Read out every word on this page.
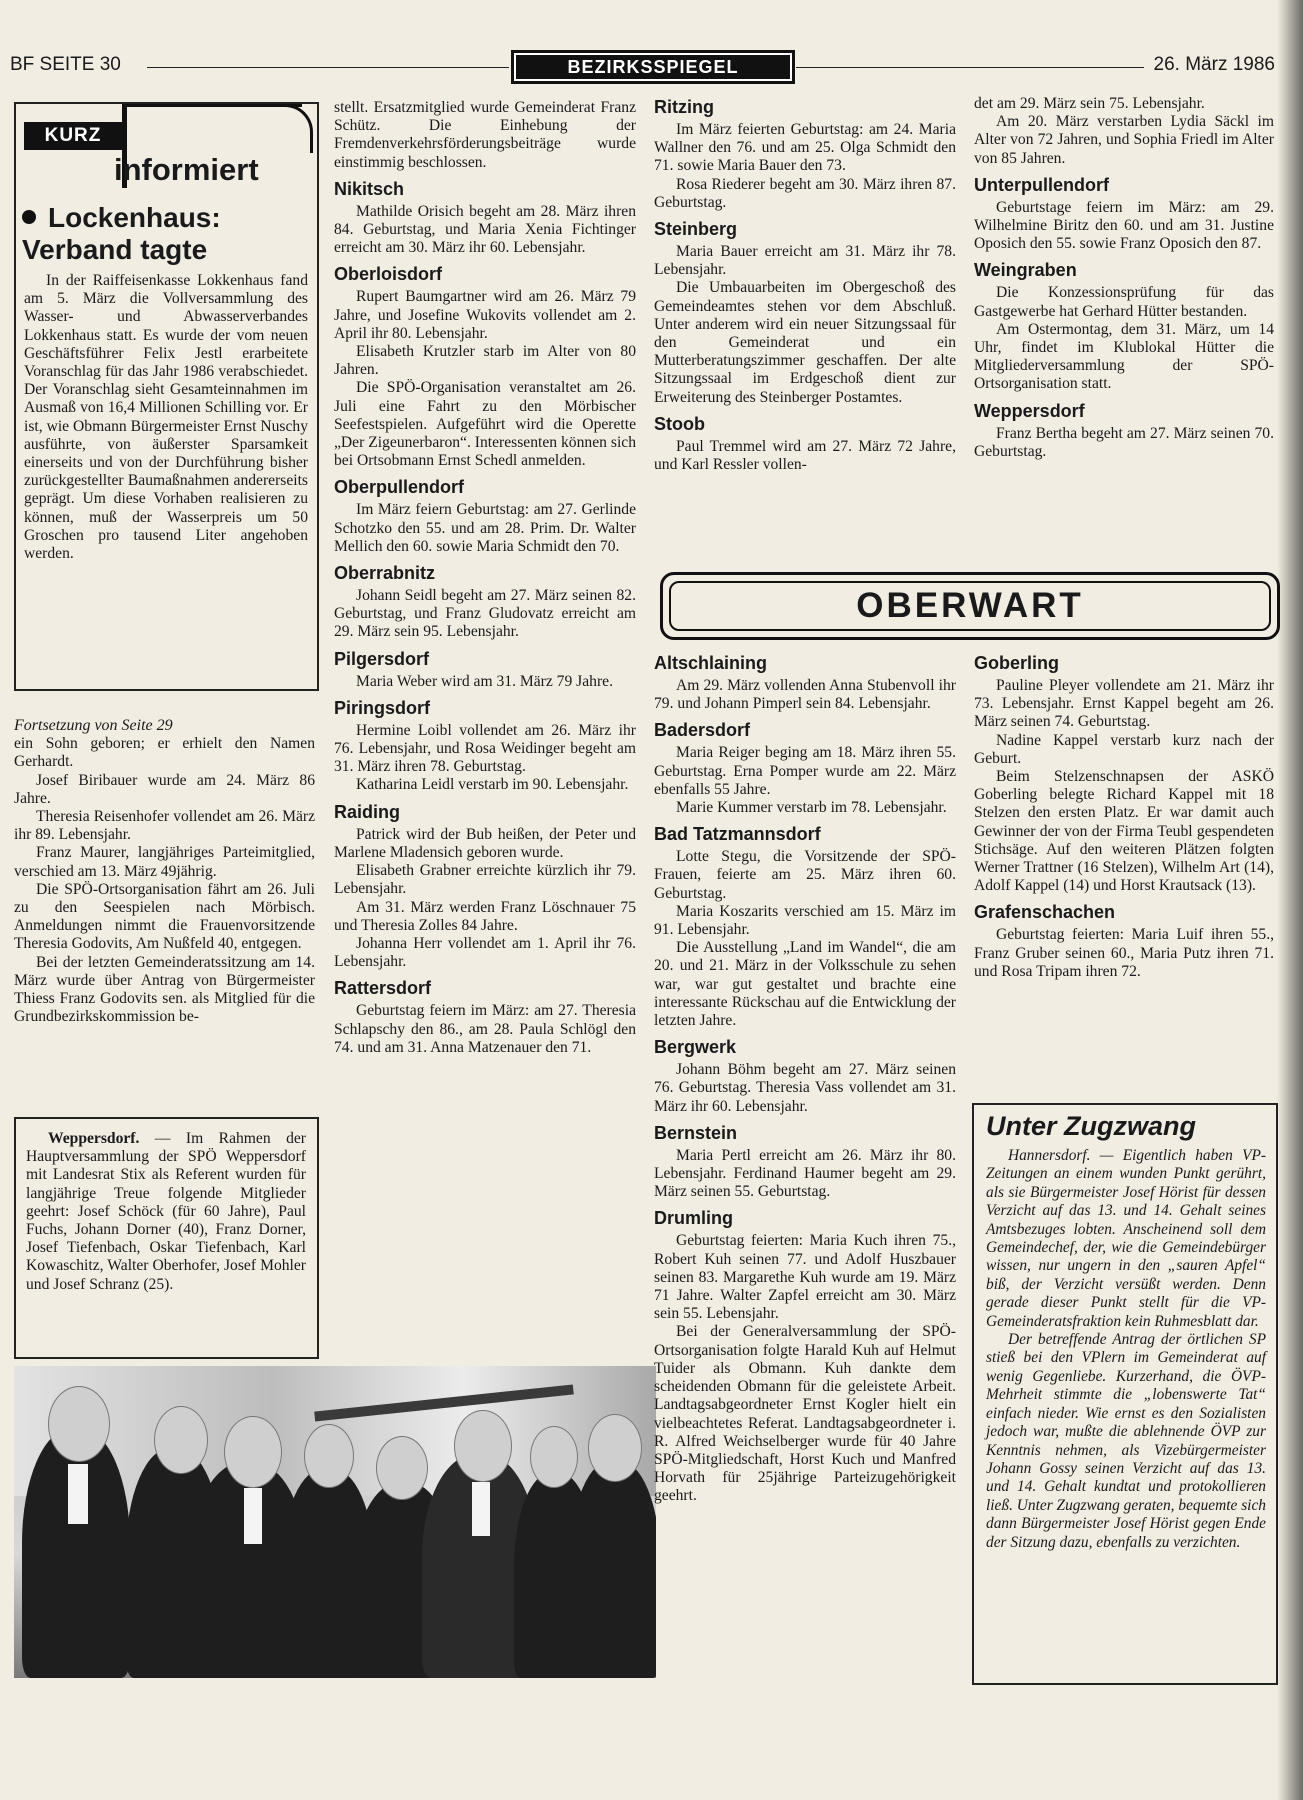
BF SEITE 30	BEZIRKSSPIEGEL	26. März 1986
KURZ
informiert
Lockenhaus: Verband tagte

In der Raiffeisenkasse Lokkenhaus fand am 5. März die Vollversammlung des Wasser- und Abwasserverbandes Lokkenhaus statt. Es wurde der vom neuen Geschäftsführer Felix Jestl erarbeitete Voranschlag für das Jahr 1986 verabschiedet. Der Voranschlag sieht Gesamteinnahmen im Ausmaß von 16,4 Millionen Schilling vor. Er ist, wie Obmann Bürgermeister Ernst Nuschy ausführte, von äußerster Sparsamkeit einerseits und von der Durchführung bisher zurückgestellter Baumaßnahmen andererseits geprägt. Um diese Vorhaben realisieren zu können, muß der Wasserpreis um 50 Groschen pro tausend Liter angehoben werden.

Fortsetzung von Seite 29

ein Sohn geboren; er erhielt den Namen Gerhardt.

Josef Biribauer wurde am 24. März 86 Jahre.

Theresia Reisenhofer vollendet am 26. März ihr 89. Lebensjahr.

Franz Maurer, langjähriges Parteimitglied, verschied am 13. März 49jährig.

Die SPÖ-Ortsorganisation fährt am 26. Juli zu den Seespielen nach Mörbisch. Anmeldungen nimmt die Frauenvorsitzende Theresia Godovits, Am Nußfeld 40, entgegen.

Bei der letzten Gemeinderatssitzung am 14. März wurde über Antrag von Bürgermeister Thiess Franz Godovits sen. als Mitglied für die Grundbezirkskommission be-

Weppersdorf. — Im Rahmen der Hauptversammlung der SPÖ Weppersdorf mit Landesrat Stix als Referent wurden für langjährige Treue folgende Mitglieder geehrt: Josef Schöck (für 60 Jahre), Paul Fuchs, Johann Dorner (40), Franz Dorner, Josef Tiefenbach, Oskar Tiefenbach, Karl Kowaschitz, Walter Oberhofer, Josef Mohler und Josef Schranz (25).

stellt. Ersatzmitglied wurde Gemeinderat Franz Schütz. Die Einhebung der Fremdenverkehrsförderungsbeiträge wurde einstimmig beschlossen.

Nikitsch

Mathilde Orisich begeht am 28. März ihren 84. Geburtstag, und Maria Xenia Fichtinger erreicht am 30. März ihr 60. Lebensjahr.

Oberloisdorf

Rupert Baumgartner wird am 26. März 79 Jahre, und Josefine Wukovits vollendet am 2. April ihr 80. Lebensjahr.

Elisabeth Krutzler starb im Alter von 80 Jahren.

Die SPÖ-Organisation veranstaltet am 26. Juli eine Fahrt zu den Mörbischer Seefestspielen. Aufgeführt wird die Operette „Der Zigeunerbaron“. Interessenten können sich bei Ortsobmann Ernst Schedl anmelden.

Oberpullendorf

Im März feiern Geburtstag: am 27. Gerlinde Schotzko den 55. und am 28. Prim. Dr. Walter Mellich den 60. sowie Maria Schmidt den 70.

Oberrabnitz

Johann Seidl begeht am 27. März seinen 82. Geburtstag, und Franz Gludovatz erreicht am 29. März sein 95. Lebensjahr.

Pilgersdorf

Maria Weber wird am 31. März 79 Jahre.

Piringsdorf

Hermine Loibl vollendet am 26. März ihr 76. Lebensjahr, und Rosa Weidinger begeht am 31. März ihren 78. Geburtstag.

Katharina Leidl verstarb im 90. Lebensjahr.

Raiding

Patrick wird der Bub heißen, der Peter und Marlene Mladensich geboren wurde.

Elisabeth Grabner erreichte kürzlich ihr 79. Lebensjahr.

Am 31. März werden Franz Löschnauer 75 und Theresia Zolles 84 Jahre.

Johanna Herr vollendet am 1. April ihr 76. Lebensjahr.

Rattersdorf

Geburtstag feiern im März: am 27. Theresia Schlapschy den 86., am 28. Paula Schlögl den 74. und am 31. Anna Matzenauer den 71.

Ritzing

Im März feierten Geburtstag: am 24. Maria Wallner den 76. und am 25. Olga Schmidt den 71. sowie Maria Bauer den 73.

Rosa Riederer begeht am 30. März ihren 87. Geburtstag.

Steinberg

Maria Bauer erreicht am 31. März ihr 78. Lebensjahr.

Die Umbauarbeiten im Obergeschoß des Gemeindeamtes stehen vor dem Abschluß. Unter anderem wird ein neuer Sitzungssaal für den Gemeinderat und ein Mutterberatungszimmer geschaffen. Der alte Sitzungssaal im Erdgeschoß dient zur Erweiterung des Steinberger Postamtes.

Stoob

Paul Tremmel wird am 27. März 72 Jahre, und Karl Ressler vollen-

det am 29. März sein 75. Lebensjahr.

Am 20. März verstarben Lydia Säckl im Alter von 72 Jahren, und Sophia Friedl im Alter von 85 Jahren.

Unterpullendorf

Geburtstage feiern im März: am 29. Wilhelmine Biritz den 60. und am 31. Justine Oposich den 55. sowie Franz Oposich den 87.

Weingraben

Die Konzessionsprüfung für das Gastgewerbe hat Gerhard Hütter bestanden.

Am Ostermontag, dem 31. März, um 14 Uhr, findet im Klublokal Hütter die Mitgliederversammlung der SPÖ-Ortsorganisation statt.

Weppersdorf

Franz Bertha begeht am 27. März seinen 70. Geburtstag.

OBERWART
Altschlaining

Am 29. März vollenden Anna Stubenvoll ihr 79. und Johann Pimperl sein 84. Lebensjahr.

Badersdorf

Maria Reiger beging am 18. März ihren 55. Geburtstag. Erna Pomper wurde am 22. März ebenfalls 55 Jahre.

Marie Kummer verstarb im 78. Lebensjahr.

Bad Tatzmannsdorf

Lotte Stegu, die Vorsitzende der SPÖ-Frauen, feierte am 25. März ihren 60. Geburtstag.

Maria Koszarits verschied am 15. März im 91. Lebensjahr.

Die Ausstellung „Land im Wandel“, die am 20. und 21. März in der Volksschule zu sehen war, war gut gestaltet und brachte eine interessante Rückschau auf die Entwicklung der letzten Jahre.

Bergwerk

Johann Böhm begeht am 27. März seinen 76. Geburtstag. Theresia Vass vollendet am 31. März ihr 60. Lebensjahr.

Bernstein

Maria Pertl erreicht am 26. März ihr 80. Lebensjahr. Ferdinand Haumer begeht am 29. März seinen 55. Geburtstag.

Drumling

Geburtstag feierten: Maria Kuch ihren 75., Robert Kuh seinen 77. und Adolf Huszbauer seinen 83. Margarethe Kuh wurde am 19. März 71 Jahre. Walter Zapfel erreicht am 30. März sein 55. Lebensjahr.

Bei der Generalversammlung der SPÖ-Ortsorganisation folgte Harald Kuh auf Helmut Tuider als Obmann. Kuh dankte dem scheidenden Obmann für die geleistete Arbeit. Landtagsabgeordneter Ernst Kogler hielt ein vielbeachtetes Referat. Landtagsabgeordneter i. R. Alfred Weichselberger wurde für 40 Jahre SPÖ-Mitgliedschaft, Horst Kuch und Manfred Horvath für 25jährige Parteizugehörigkeit geehrt.

Goberling

Pauline Pleyer vollendete am 21. März ihr 73. Lebensjahr. Ernst Kappel begeht am 26. März seinen 74. Geburtstag.

Nadine Kappel verstarb kurz nach der Geburt.

Beim Stelzenschnapsen der ASKÖ Goberling belegte Richard Kappel mit 18 Stelzen den ersten Platz. Er war damit auch Gewinner der von der Firma Teubl gespendeten Stichsäge. Auf den weiteren Plätzen folgten Werner Trattner (16 Stelzen), Wilhelm Art (14), Adolf Kappel (14) und Horst Krautsack (13).

Grafenschachen

Geburtstag feierten: Maria Luif ihren 55., Franz Gruber seinen 60., Maria Putz ihren 71. und Rosa Tripam ihren 72.

Unter Zugzwang

Hannersdorf. — Eigentlich haben VP-Zeitungen an einem wunden Punkt gerührt, als sie Bürgermeister Josef Hörist für dessen Verzicht auf das 13. und 14. Gehalt seines Amtsbezuges lobten. Anscheinend soll dem Gemeindechef, der, wie die Gemeindebürger wissen, nur ungern in den „sauren Apfel“ biß, der Verzicht versüßt werden. Denn gerade dieser Punkt stellt für die VP-Gemeinderatsfraktion kein Ruhmesblatt dar.

Der betreffende Antrag der örtlichen SP stieß bei den VPlern im Gemeinderat auf wenig Gegenliebe. Kurzerhand, die ÖVP-Mehrheit stimmte die „lobenswerte Tat“ einfach nieder. Wie ernst es den Sozialisten jedoch war, mußte die ablehnende ÖVP zur Kenntnis nehmen, als Vizebürgermeister Johann Gossy seinen Verzicht auf das 13. und 14. Gehalt kundtat und protokollieren ließ. Unter Zugzwang geraten, bequemte sich dann Bürgermeister Josef Hörist gegen Ende der Sitzung dazu, ebenfalls zu verzichten.
